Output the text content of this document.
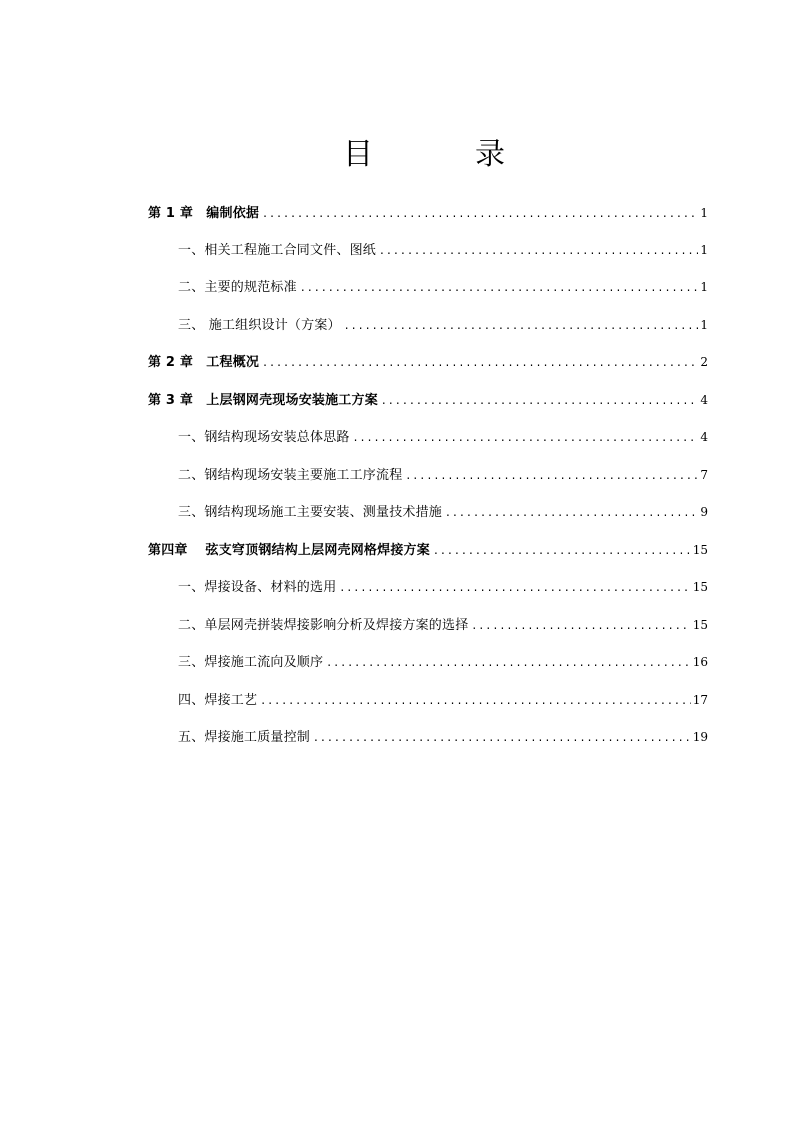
目　录
第 1 章　编制依据 .....	1
一、相关工程施工合同文件、图纸 .....	1
二、主要的规范标准 .....	1
三、 施工组织设计（方案） .....	1
第 2 章　工程概况 .....	2
第 3 章　上层钢网壳现场安装施工方案 .....	4
一、钢结构现场安装总体思路 .....	4
二、钢结构现场安装主要施工工序流程 .....	7
三、钢结构现场施工主要安装、测量技术措施 .....	9
第四章　 弦支穹顶钢结构上层网壳网格焊接方案 .....	15
一、焊接设备、材料的选用 .....	15
二、单层网壳拼装焊接影响分析及焊接方案的选择 .....	15
三、焊接施工流向及顺序 .....	16
四、焊接工艺 .....	17
五、焊接施工质量控制 .....	19
